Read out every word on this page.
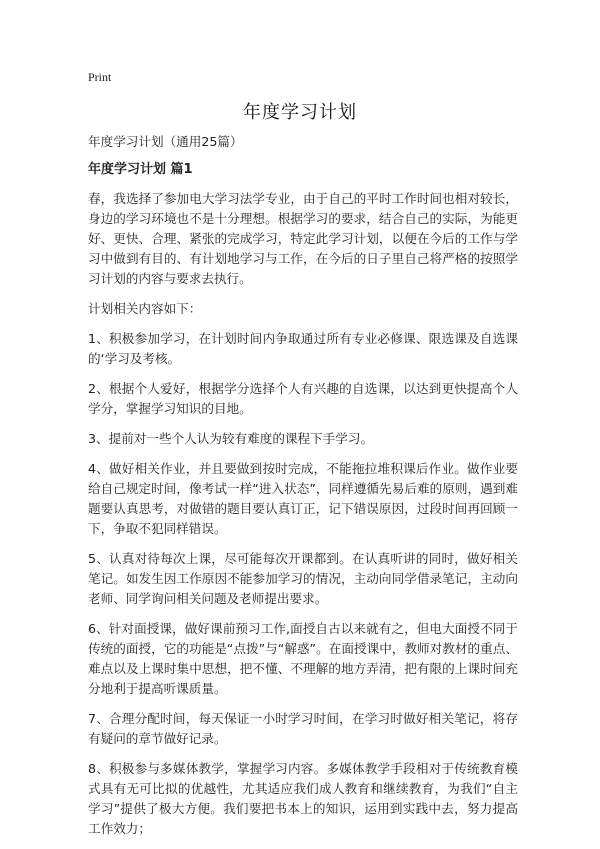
Print
年度学习计划

年度学习计划（通用25篇）

年度学习计划 篇1

春，我选择了参加电大学习法学专业，由于自己的平时工作时间也相对较长，身边的学习环境也不是十分理想。根据学习的要求，结合自己的实际，为能更好、更快、合理、紧张的完成学习，特定此学习计划，以便在今后的工作与学习中做到有目的、有计划地学习与工作，在今后的日子里自己将严格的按照学习计划的内容与要求去执行。

计划相关内容如下：

1、积极参加学习，在计划时间内争取通过所有专业必修课、限选课及自选课的‘学习及考核。

2、根据个人爱好，根据学分选择个人有兴趣的自选课，以达到更快提高个人学分，掌握学习知识的目地。

3、提前对一些个人认为较有难度的课程下手学习。

4、做好相关作业，并且要做到按时完成，不能拖拉堆积课后作业。做作业要给自己规定时间，像考试一样“进入状态”，同样遵循先易后难的原则，遇到难题要认真思考，对做错的题目要认真订正，记下错误原因，过段时间再回顾一下，争取不犯同样错误。

5、认真对待每次上课，尽可能每次开课都到。在认真听讲的同时，做好相关笔记。如发生因工作原因不能参加学习的情况，主动向同学借录笔记，主动向老师、同学询问相关问题及老师提出要求。

6、针对面授课，做好课前预习工作,面授自古以来就有之，但电大面授不同于传统的面授，它的功能是“点拨”与“解惑”。在面授课中，教师对教材的重点、难点以及上课时集中思想，把不懂、不理解的地方弄清，把有限的上课时间充分地利于提高听课质量。

7、合理分配时间，每天保证一小时学习时间，在学习时做好相关笔记，将存有疑问的章节做好记录。

8、积极参与多媒体教学，掌握学习内容。多媒体教学手段相对于传统教育模式具有无可比拟的优越性，尤其适应我们成人教育和继续教育，为我们“自主学习”提供了极大方便。我们要把书本上的知识，运用到实践中去，努力提高工作效力；
